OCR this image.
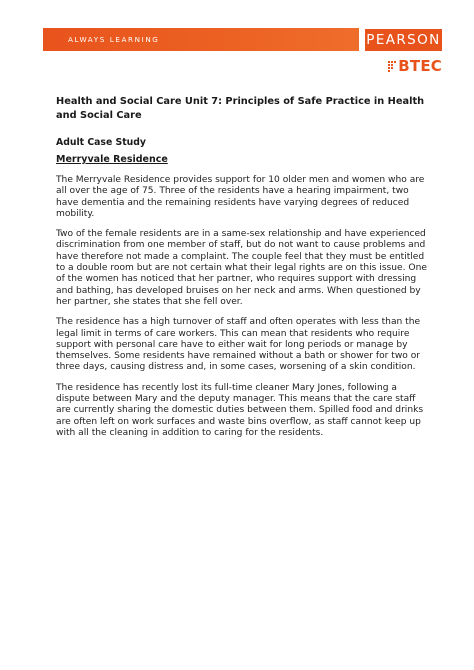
ALWAYS LEARNING	PEARSON
BTEC
Health and Social Care Unit 7: Principles of Safe Practice in Health and Social Care
Adult Case Study
Merryvale Residence

The Merryvale Residence provides support for 10 older men and women who are all over the age of 75. Three of the residents have a hearing impairment, two have dementia and the remaining residents have varying degrees of reduced mobility.

Two of the female residents are in a same-sex relationship and have experienced discrimination from one member of staff, but do not want to cause problems and have therefore not made a complaint. The couple feel that they must be entitled to a double room but are not certain what their legal rights are on this issue. One of the women has noticed that her partner, who requires support with dressing and bathing, has developed bruises on her neck and arms. When questioned by her partner, she states that she fell over.

The residence has a high turnover of staff and often operates with less than the legal limit in terms of care workers. This can mean that residents who require support with personal care have to either wait for long periods or manage by themselves. Some residents have remained without a bath or shower for two or three days, causing distress and, in some cases, worsening of a skin condition.

The residence has recently lost its full-time cleaner Mary Jones, following a dispute between Mary and the deputy manager. This means that the care staff are currently sharing the domestic duties between them. Spilled food and drinks are often left on work surfaces and waste bins overflow, as staff cannot keep up with all the cleaning in addition to caring for the residents.
